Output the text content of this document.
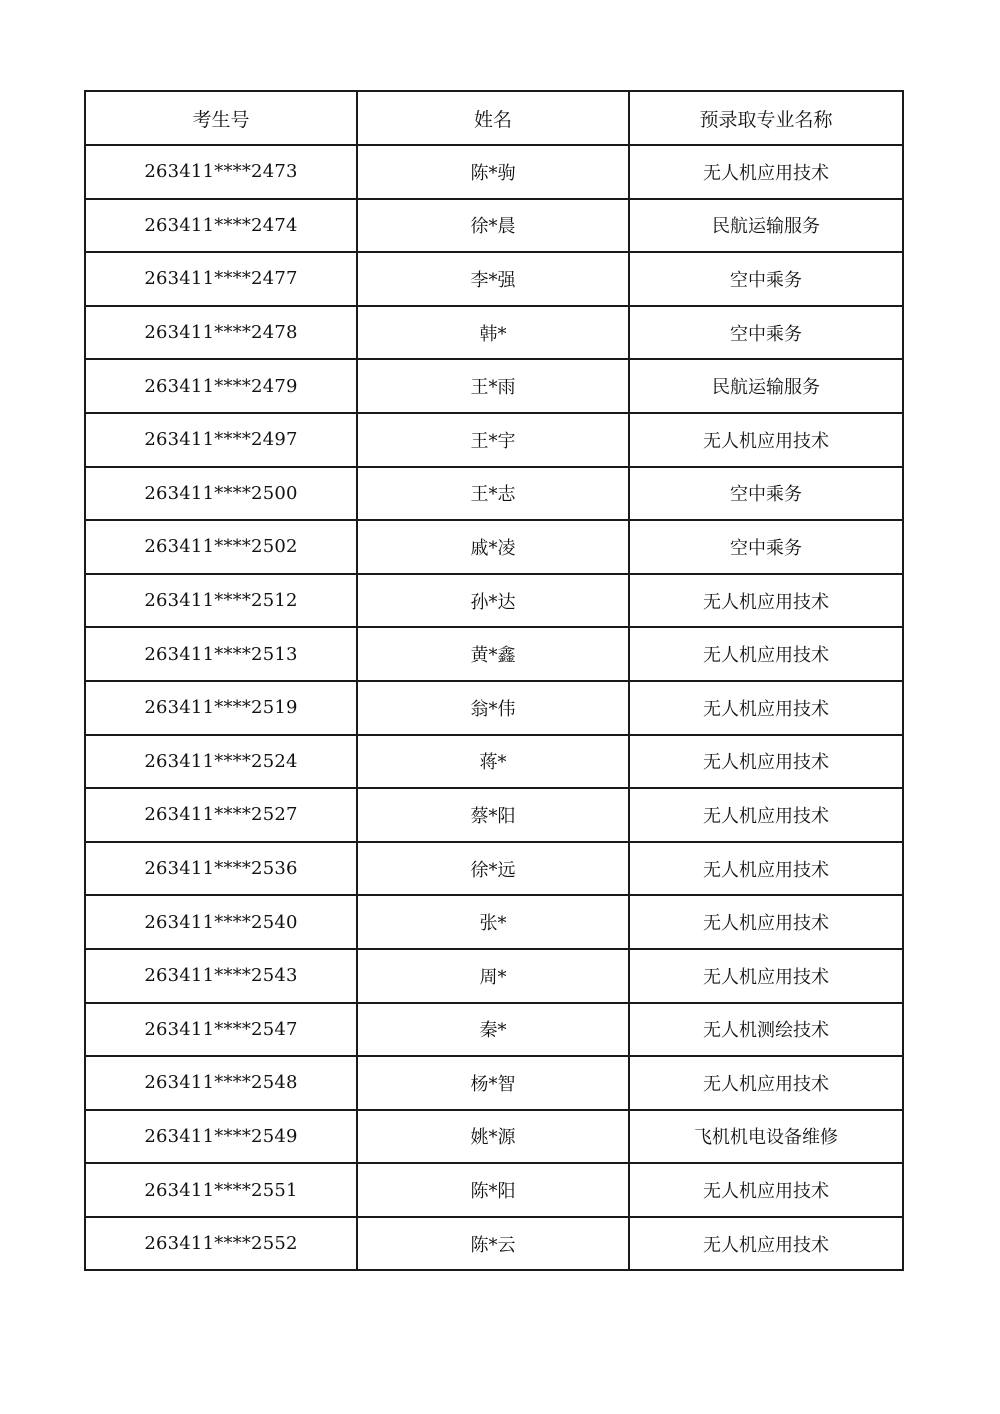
考生号	姓名	预录取专业名称
263411****2473	陈*驹	无人机应用技术
263411****2474	徐*晨	民航运输服务
263411****2477	李*强	空中乘务
263411****2478	韩*	空中乘务
263411****2479	王*雨	民航运输服务
263411****2497	王*宇	无人机应用技术
263411****2500	王*志	空中乘务
263411****2502	戚*凌	空中乘务
263411****2512	孙*达	无人机应用技术
263411****2513	黄*鑫	无人机应用技术
263411****2519	翁*伟	无人机应用技术
263411****2524	蒋*	无人机应用技术
263411****2527	蔡*阳	无人机应用技术
263411****2536	徐*远	无人机应用技术
263411****2540	张*	无人机应用技术
263411****2543	周*	无人机应用技术
263411****2547	秦*	无人机测绘技术
263411****2548	杨*智	无人机应用技术
263411****2549	姚*源	飞机机电设备维修
263411****2551	陈*阳	无人机应用技术
263411****2552	陈*云	无人机应用技术
